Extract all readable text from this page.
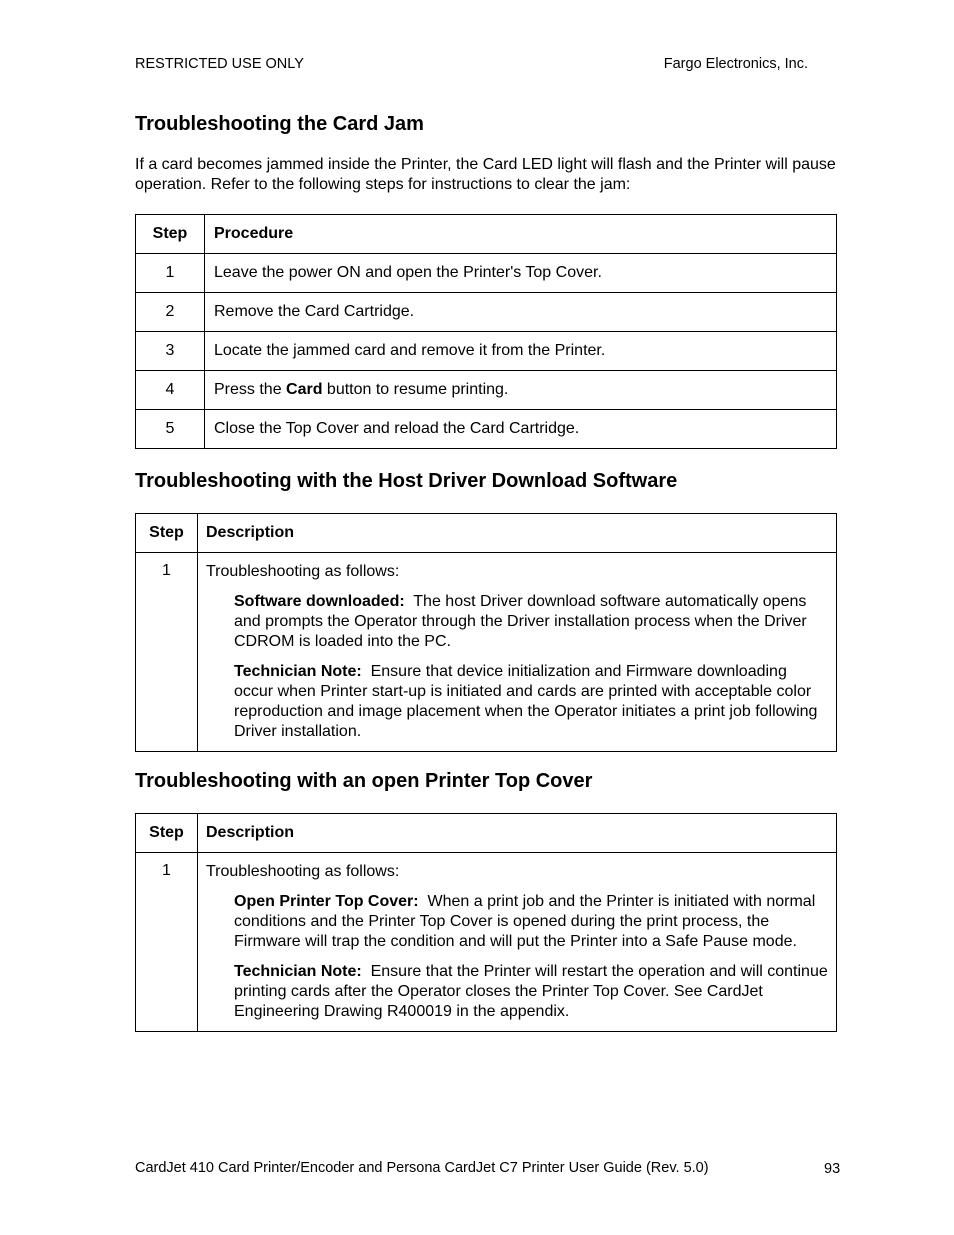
RESTRICTED USE ONLY	Fargo Electronics, Inc.
Troubleshooting the Card Jam

If a card becomes jammed inside the Printer, the Card LED light will flash and the Printer will pause operation. Refer to the following steps for instructions to clear the jam:

Step	Procedure
1	Leave the power ON and open the Printer's Top Cover.
2	Remove the Card Cartridge.
3	Locate the jammed card and remove it from the Printer.
4	Press the Card button to resume printing.
5	Close the Top Cover and reload the Card Cartridge.
Troubleshooting with the Host Driver Download Software
Step	Description
1	Troubleshooting as follows:
Software downloaded:  The host Driver download software automatically opens and prompts the Operator through the Driver installation process when the Driver CDROM is loaded into the PC.
Technician Note:  Ensure that device initialization and Firmware downloading occur when Printer start-up is initiated and cards are printed with acceptable color reproduction and image placement when the Operator initiates a print job following Driver installation.
Troubleshooting with an open Printer Top Cover
Step	Description
1	Troubleshooting as follows:
Open Printer Top Cover:  When a print job and the Printer is initiated with normal conditions and the Printer Top Cover is opened during the print process, the Firmware will trap the condition and will put the Printer into a Safe Pause mode.
Technician Note:  Ensure that the Printer will restart the operation and will continue printing cards after the Operator closes the Printer Top Cover. See CardJet Engineering Drawing R400019 in the appendix.
CardJet 410 Card Printer/Encoder and Persona CardJet C7 Printer User Guide (Rev. 5.0)	93
